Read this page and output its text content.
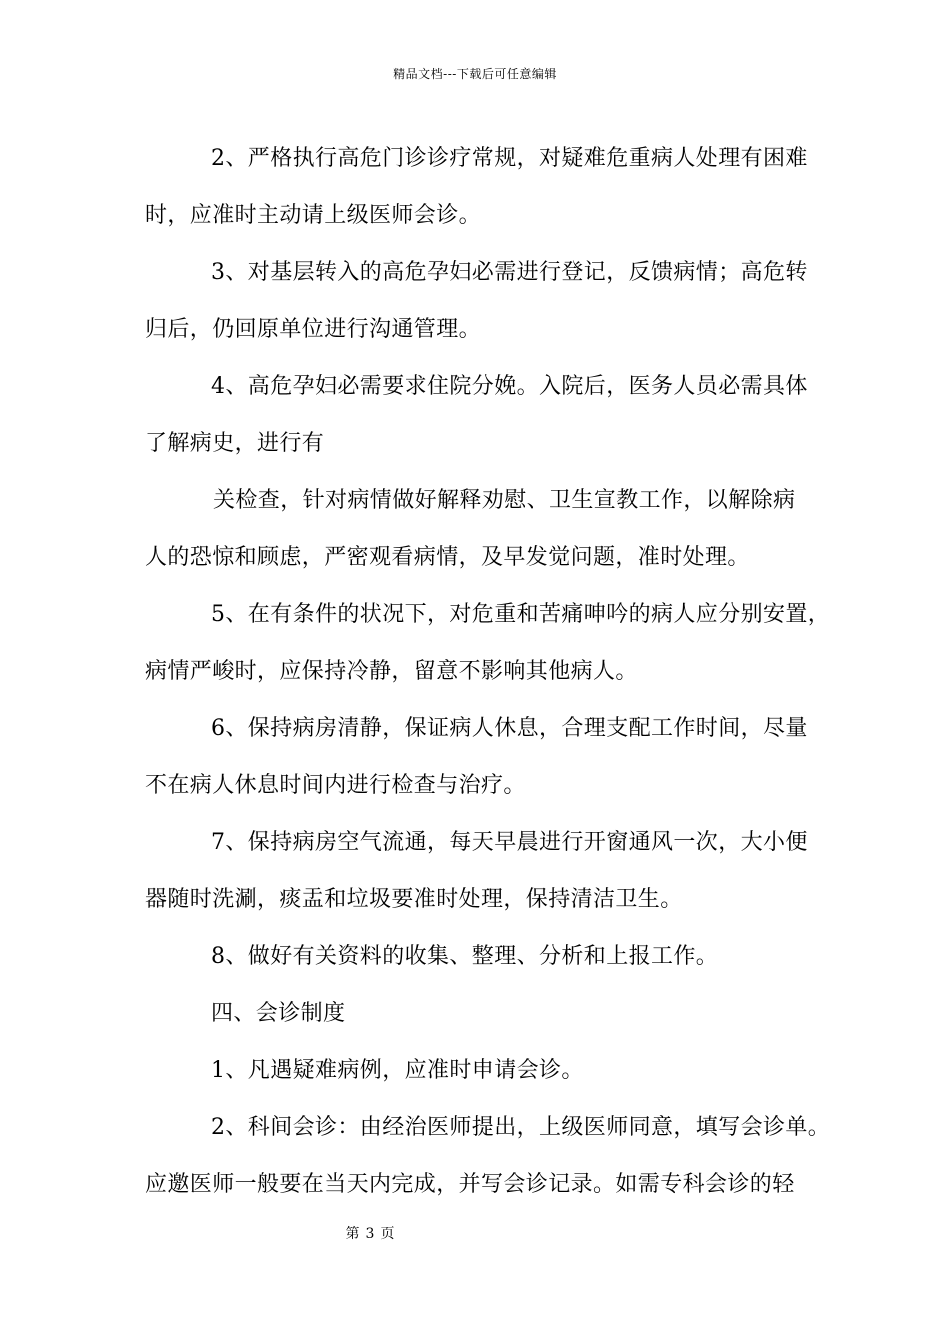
精品文档---下载后可任意编辑
2、严格执行高危门诊诊疗常规，对疑难危重病人处理有困难
时，应准时主动请上级医师会诊。
3、对基层转入的高危孕妇必需进行登记，反馈病情；高危转
归后，仍回原单位进行沟通管理。
4、高危孕妇必需要求住院分娩。入院后，医务人员必需具体
了解病史，进行有
关检查，针对病情做好解释劝慰、卫生宣教工作，以解除病
人的恐惊和顾虑，严密观看病情，及早发觉问题，准时处理。
5、在有条件的状况下，对危重和苦痛呻吟的病人应分别安置，
病情严峻时，应保持冷静，留意不影响其他病人。
6、保持病房清静，保证病人休息，合理支配工作时间，尽量
不在病人休息时间内进行检查与治疗。
7、保持病房空气流通，每天早晨进行开窗通风一次，大小便
器随时洗涮，痰盂和垃圾要准时处理，保持清洁卫生。
8、做好有关资料的收集、整理、分析和上报工作。
四、会诊制度
1、凡遇疑难病例，应准时申请会诊。
2、科间会诊：由经治医师提出，上级医师同意，填写会诊单。
应邀医师一般要在当天内完成，并写会诊记录。如需专科会诊的轻
第 3 页
